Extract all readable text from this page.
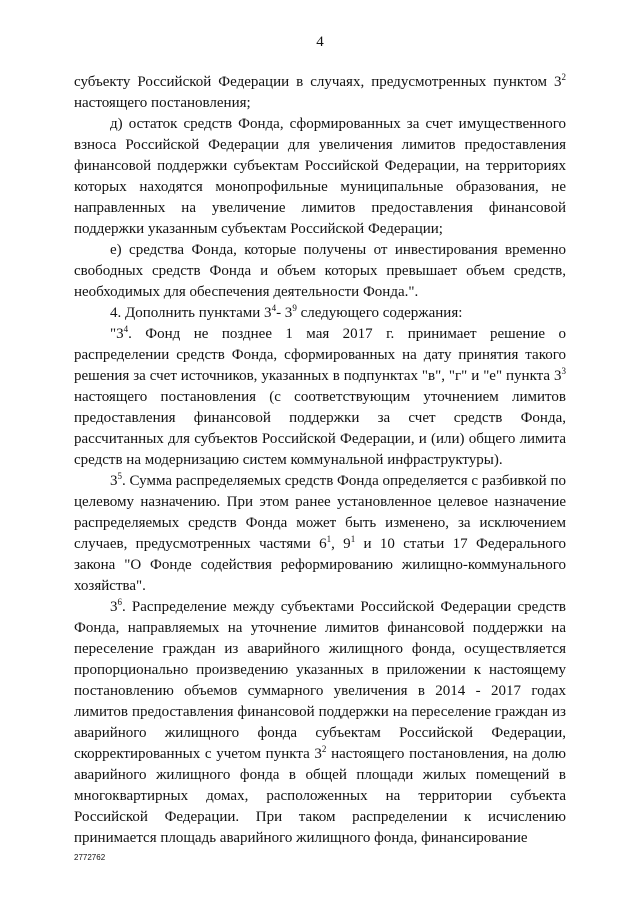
4

субъекту Российской Федерации в случаях, предусмотренных пунктом $3^2$ настоящего постановления;

д) остаток средств Фонда, сформированных за счет имущественного взноса Российской Федерации для увеличения лимитов предоставления финансовой поддержки субъектам Российской Федерации, на территориях которых находятся монопрофильные муниципальные образования, не направленных на увеличение лимитов предоставления финансовой поддержки указанным субъектам Российской Федерации;

е) средства Фонда, которые получены от инвестирования временно свободных средств Фонда и объем которых превышает объем средств, необходимых для обеспечения деятельности Фонда.".

4. Дополнить пунктами $3^4-$ $3^9$ следующего содержания:

"$3^4$. Фонд не позднее 1 мая 2017 г. принимает решение о распределении средств Фонда, сформированных на дату принятия такого решения за счет источников, указанных в подпунктах "в", "г" и "е" пункта $3^3$ настоящего постановления (с соответствующим уточнением лимитов предоставления финансовой поддержки за счет средств Фонда, рассчитанных для субъектов Российской Федерации, и (или) общего лимита средств на модернизацию систем коммунальной инфраструктуры).

$3^5$. Сумма распределяемых средств Фонда определяется с разбивкой по целевому назначению. При этом ранее установленное целевое назначение распределяемых средств Фонда может быть изменено, за исключением случаев, предусмотренных частями $6^1$, $9^1$ и 10 статьи 17 Федерального закона "О Фонде содействия реформированию жилищно-коммунального хозяйства".

$3^6$. Распределение между субъектами Российской Федерации средств Фонда, направляемых на уточнение лимитов финансовой поддержки на переселение граждан из аварийного жилищного фонда, осуществляется пропорционально произведению указанных в приложении к настоящему постановлению объемов суммарного увеличения в 2014 - 2017 годах лимитов предоставления финансовой поддержки на переселение граждан из аварийного жилищного фонда субъектам Российской Федерации, скорректированных с учетом пункта $3^2$ настоящего постановления, на долю аварийного жилищного фонда в общей площади жилых помещений в многоквартирных домах, расположенных на территории субъекта Российской Федерации. При таком распределении к исчислению принимается площадь аварийного жилищного фонда, финансирование

2772762
